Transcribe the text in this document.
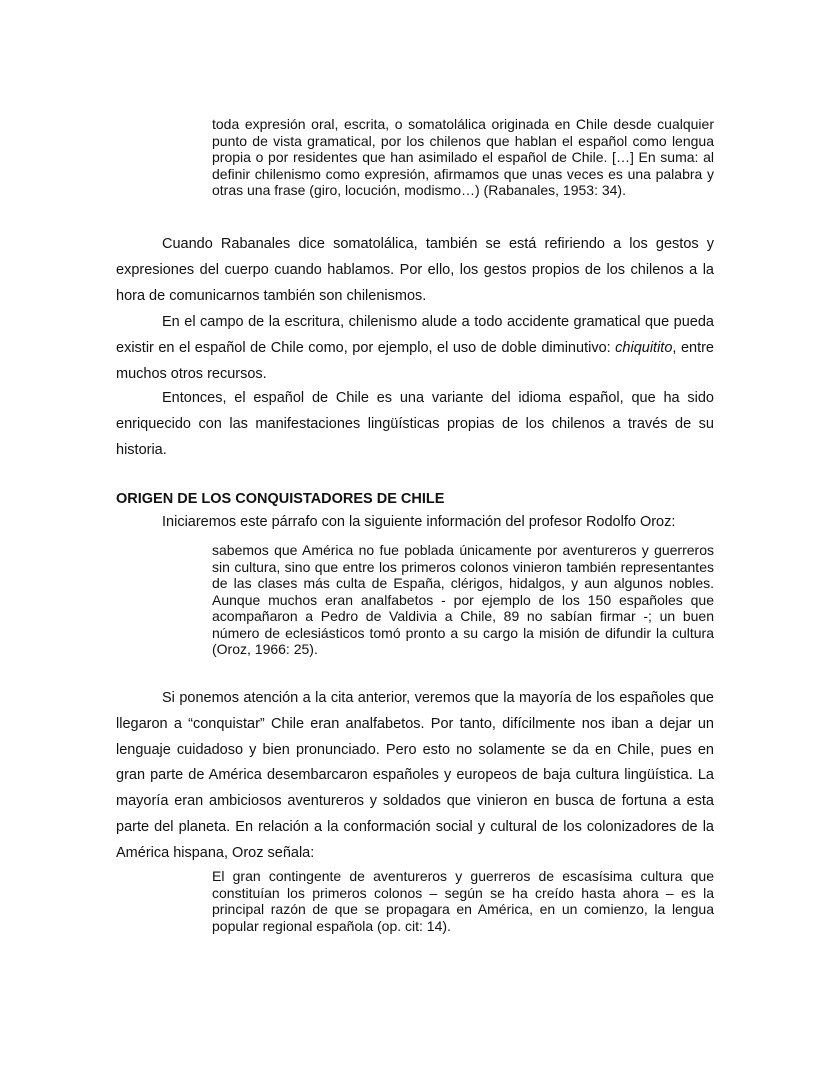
toda expresión oral, escrita, o somatolálica originada en Chile desde cualquier punto de vista gramatical, por los chilenos que hablan el español como lengua propia o por residentes que han asimilado el español de Chile. […] En suma: al definir chilenismo como expresión, afirmamos que unas veces es una palabra y otras una frase (giro, locución, modismo…) (Rabanales, 1953: 34).

Cuando Rabanales dice somatolálica, también se está refiriendo a los gestos y expresiones del cuerpo cuando hablamos. Por ello, los gestos propios de los chilenos a la hora de comunicarnos también son chilenismos.

En el campo de la escritura, chilenismo alude a todo accidente gramatical que pueda existir en el español de Chile como, por ejemplo, el uso de doble diminutivo: chiquitito, entre muchos otros recursos.

Entonces, el español de Chile es una variante del idioma español, que ha sido enriquecido con las manifestaciones lingüísticas propias de los chilenos a través de su historia.

ORIGEN DE LOS CONQUISTADORES DE CHILE

Iniciaremos este párrafo con la siguiente información del profesor Rodolfo Oroz:

sabemos que América no fue poblada únicamente por aventureros y guerreros sin cultura, sino que entre los primeros colonos vinieron también representantes de las clases más culta de España, clérigos, hidalgos, y aun algunos nobles. Aunque muchos eran analfabetos - por ejemplo de los 150 españoles que acompañaron a Pedro de Valdivia a Chile, 89 no sabían firmar -; un buen número de eclesiásticos tomó pronto a su cargo la misión de difundir la cultura (Oroz, 1966: 25).

Si ponemos atención a la cita anterior, veremos que la mayoría de los españoles que llegaron a “conquistar” Chile eran analfabetos. Por tanto, difícilmente nos iban a dejar un lenguaje cuidadoso y bien pronunciado. Pero esto no solamente se da en Chile, pues en gran parte de América desembarcaron españoles y europeos de baja cultura lingüística. La mayoría eran ambiciosos aventureros y soldados que vinieron en busca de fortuna a esta parte del planeta. En relación a la conformación social y cultural de los colonizadores de la América hispana, Oroz señala:

El gran contingente de aventureros y guerreros de escasísima cultura que constituían los primeros colonos – según se ha creído hasta ahora – es la principal razón de que se propagara en América, en un comienzo, la lengua popular regional española (op. cit: 14).
